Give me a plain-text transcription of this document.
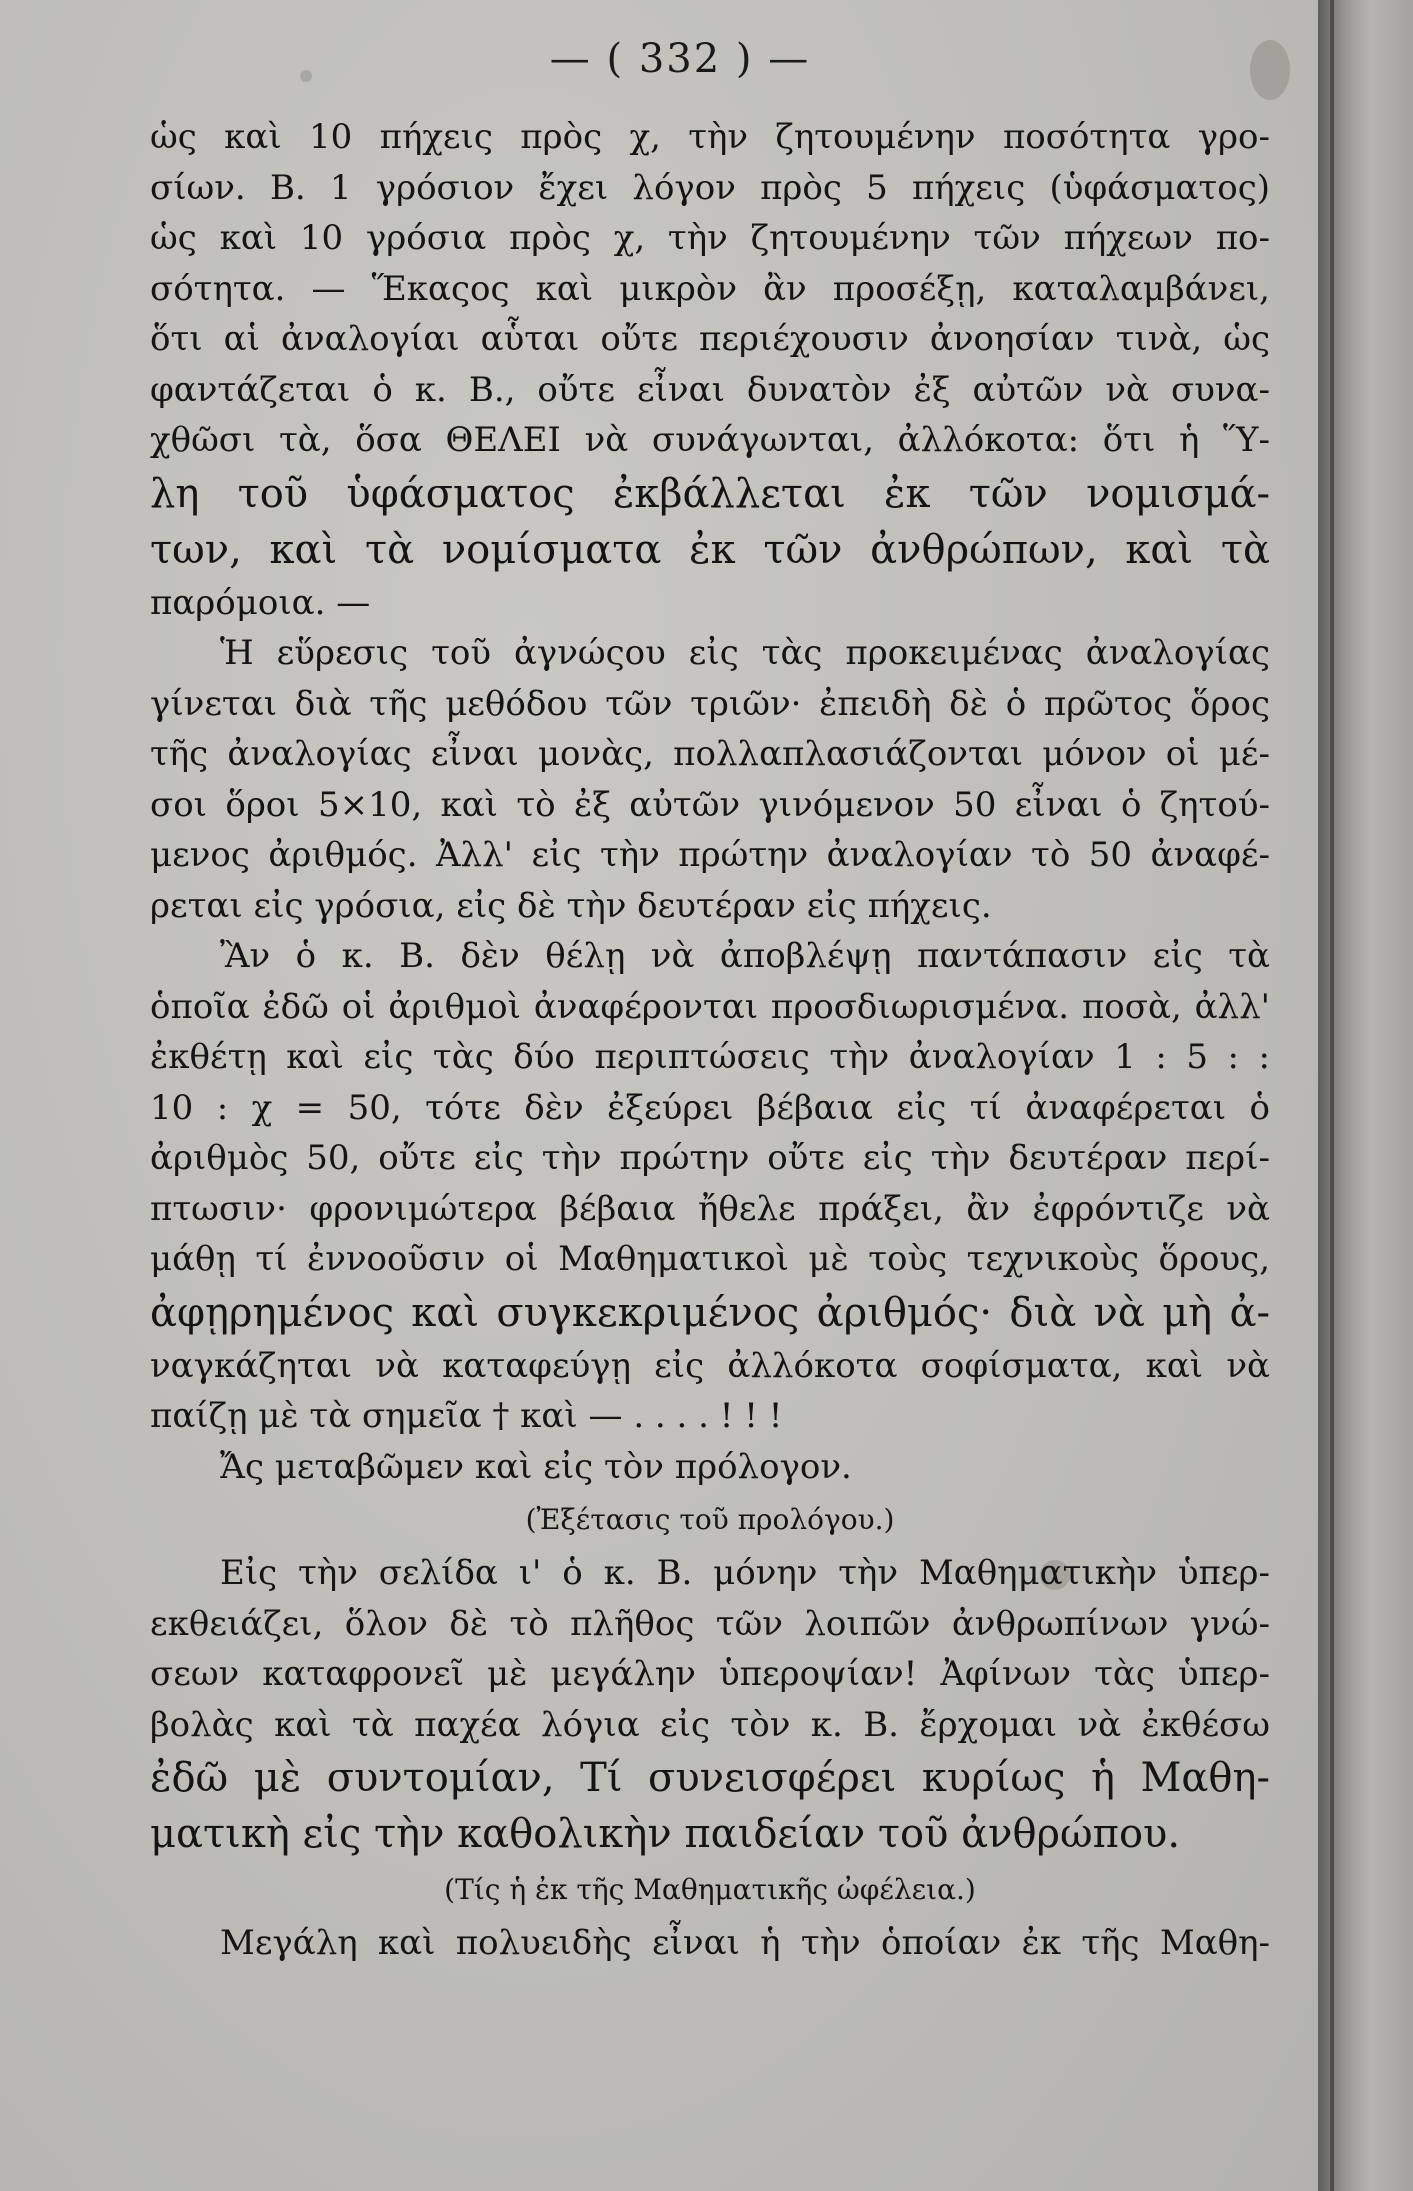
— ( 332 ) —
ὡς καὶ 10 πήχεις πρὸς χ, τὴν ζητουμένην ποσότητα γρο-
σίων. Β. 1 γρόσιον ἔχει λόγον πρὸς 5 πήχεις (ὑφάσματος)
ὡς καὶ 10 γρόσια πρὸς χ, τὴν ζητουμένην τῶν πήχεων πο-
σότητα. — Ἕκαςος καὶ μικρὸν ἂν προσέξῃ, καταλαμβάνει,
ὅτι αἱ ἀναλογίαι αὗται οὔτε περιέχουσιν ἀνοησίαν τινὰ, ὡς
φαντάζεται ὁ κ. Β., οὔτε εἶναι δυνατὸν ἐξ αὐτῶν νὰ συνα-
χθῶσι τὰ, ὅσα ΘΕΛΕΙ νὰ συνάγωνται, ἀλλόκοτα: ὅτι ἡ Ὕ-
λη τοῦ ὑφάσματος ἐκβάλλεται ἐκ τῶν νομισμά-
των, καὶ τὰ νομίσματα ἐκ τῶν ἀνθρώπων, καὶ τὰ
παρόμοια. —
Ἡ εὕρεσις τοῦ ἀγνώςου εἰς τὰς προκειμένας ἀναλογίας
γίνεται διὰ τῆς μεθόδου τῶν τριῶν· ἐπειδὴ δὲ ὁ πρῶτος ὅρος
τῆς ἀναλογίας εἶναι μονὰς, πολλαπλασιάζονται μόνον οἱ μέ-
σοι ὅροι 5×10, καὶ τὸ ἐξ αὐτῶν γινόμενον 50 εἶναι ὁ ζητού-
μενος ἀριθμός. Ἀλλ' εἰς τὴν πρώτην ἀναλογίαν τὸ 50 ἀναφέ-
ρεται εἰς γρόσια, εἰς δὲ τὴν δευτέραν εἰς πήχεις.
Ἂν ὁ κ. Β. δὲν θέλῃ νὰ ἀποβλέψῃ παντάπασιν εἰς τὰ
ὁποῖα ἐδῶ οἱ ἀριθμοὶ ἀναφέρονται προσδιωρισμένα. ποσὰ, ἀλλ'
ἐκθέτῃ καὶ εἰς τὰς δύο περιπτώσεις τὴν ἀναλογίαν 1 : 5 : :
10 : χ = 50, τότε δὲν ἐξεύρει βέβαια εἰς τί ἀναφέρεται ὁ
ἀριθμὸς 50, οὔτε εἰς τὴν πρώτην οὔτε εἰς τὴν δευτέραν περί-
πτωσιν· φρονιμώτερα βέβαια ἤθελε πράξει, ἂν ἐφρόντιζε νὰ
μάθῃ τί ἐννοοῦσιν οἱ Μαθηματικοὶ μὲ τοὺς τεχνικοὺς ὅρους,
ἀφῃρημένος καὶ συγκεκριμένος ἀριθμός· διὰ νὰ μὴ ἀ-
ναγκάζηται νὰ καταφεύγῃ εἰς ἀλλόκοτα σοφίσματα, καὶ νὰ
παίζῃ μὲ τὰ σημεῖα † καὶ — . . . . ! ! !
Ἄς μεταβῶμεν καὶ εἰς τὸν πρόλογον.
(Ἐξέτασις τοῦ προλόγου.)
Εἰς τὴν σελίδα ι' ὁ κ. Β. μόνην τὴν Μαθηματικὴν ὑπερ-
εκθειάζει, ὅλον δὲ τὸ πλῆθος τῶν λοιπῶν ἀνθρωπίνων γνώ-
σεων καταφρονεῖ μὲ μεγάλην ὑπεροψίαν! Ἀφίνων τὰς ὑπερ-
βολὰς καὶ τὰ παχέα λόγια εἰς τὸν κ. Β. ἔρχομαι νὰ ἐκθέσω
ἐδῶ μὲ συντομίαν, Τί συνεισφέρει κυρίως ἡ Μαθη-
ματικὴ εἰς τὴν καθολικὴν παιδείαν τοῦ ἀνθρώπου.
(Τίς ἡ ἐκ τῆς Μαθηματικῆς ὠφέλεια.)
Μεγάλη καὶ πολυειδὴς εἶναι ἡ τὴν ὁποίαν ἐκ τῆς Μαθη-
